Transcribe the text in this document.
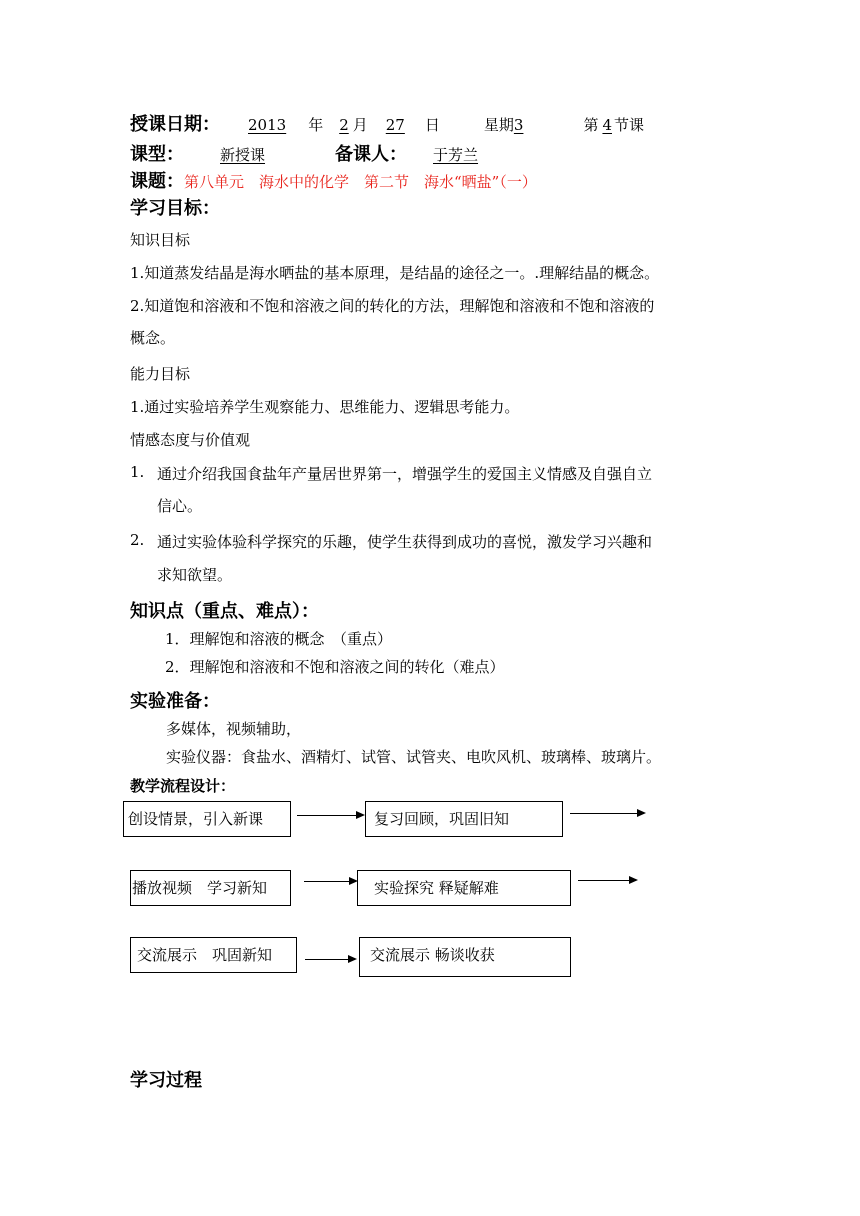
授课日期： 2013 年 2 月 27 日	星期3	第 4 节课
课型： 新授课	备课人： 于芳兰
课题：第八单元　海水中的化学　第二节　海水“晒盐”（一）
学习目标：
知识目标
1.知道蒸发结晶是海水晒盐的基本原理，是结晶的途径之一。.理解结晶的概念。
2.知道饱和溶液和不饱和溶液之间的转化的方法，理解饱和溶液和不饱和溶液的
概念。
能力目标
1.通过实验培养学生观察能力、思维能力、逻辑思考能力。
情感态度与价值观
1. 通过介绍我国食盐年产量居世界第一，增强学生的爱国主义情感及自强自立
信心。
2. 通过实验体验科学探究的乐趣，使学生获得到成功的喜悦，激发学习兴趣和
求知欲望。
知识点（重点、难点）：
1．理解饱和溶液的概念　（重点）
2．理解饱和溶液和不饱和溶液之间的转化（难点）
实验准备：
多媒体，视频辅助，
实验仪器：食盐水、酒精灯、试管、试管夹、电吹风机、玻璃棒、玻璃片。
教学流程设计：
创设情景，引入新课	复习回顾，巩固旧知
播放视频　学习新知	实验探究 释疑解难
交流展示　巩固新知	交流展示 畅谈收获
学习过程
